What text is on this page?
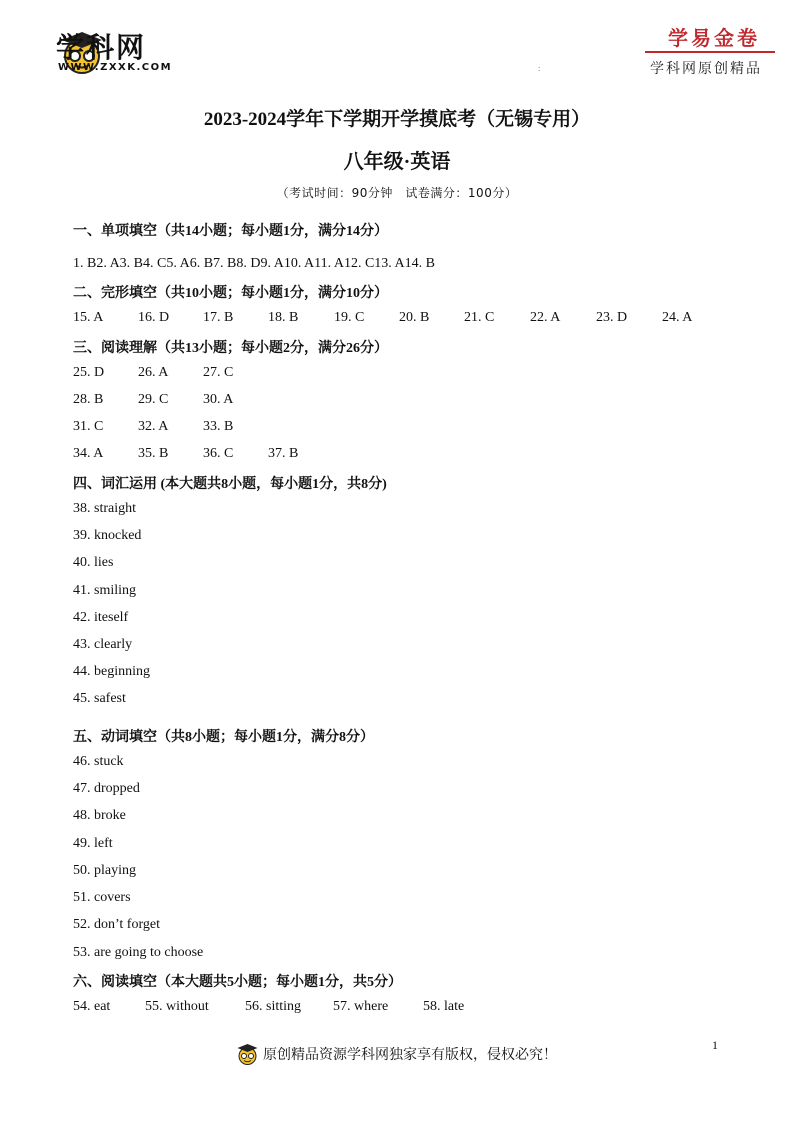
学科网
WWW.ZXXK.COM	:
学易金卷
学科网原创精品
2023-2024学年下学期开学摸底考（无锡专用）
八年级·英语
（考试时间：90分钟　试卷满分：100分）
一、单项填空（共14小题；每小题1分，满分14分）
1. B2. A3. B4. C5. A6. B7. B8. D9. A10. A11. A12. C13. A14. B
二、完形填空（共10小题；每小题1分，满分10分）
15. A 16. D 17. B 18. B	19. C 20. B 21. C	22. A	23. D 24. A
三、阅读理解（共13小题；每小题2分，满分26分）
25. D 26. A 27. C
28. B 29. C 30. A
31. C 32. A 33. B
34. A 35. B 36. C 37. B
四、词汇运用 (本大题共8小题，每小题1分，共8分)
38. straight
39. knocked
40. lies
41. smiling
42. iteself
43. clearly
44. beginning
45. safest
五、动词填空（共8小题；每小题1分，满分8分）
46. stuck
47. dropped
48. broke
49. left
50. playing
51. covers
52. don’t forget
53. are going to choose
六、阅读填空（本大题共5小题；每小题1分，共5分）
54. eat 55. without	56. sitting 57. where 58. late
原创精品资源学科网独家享有版权，侵权必究！
1
